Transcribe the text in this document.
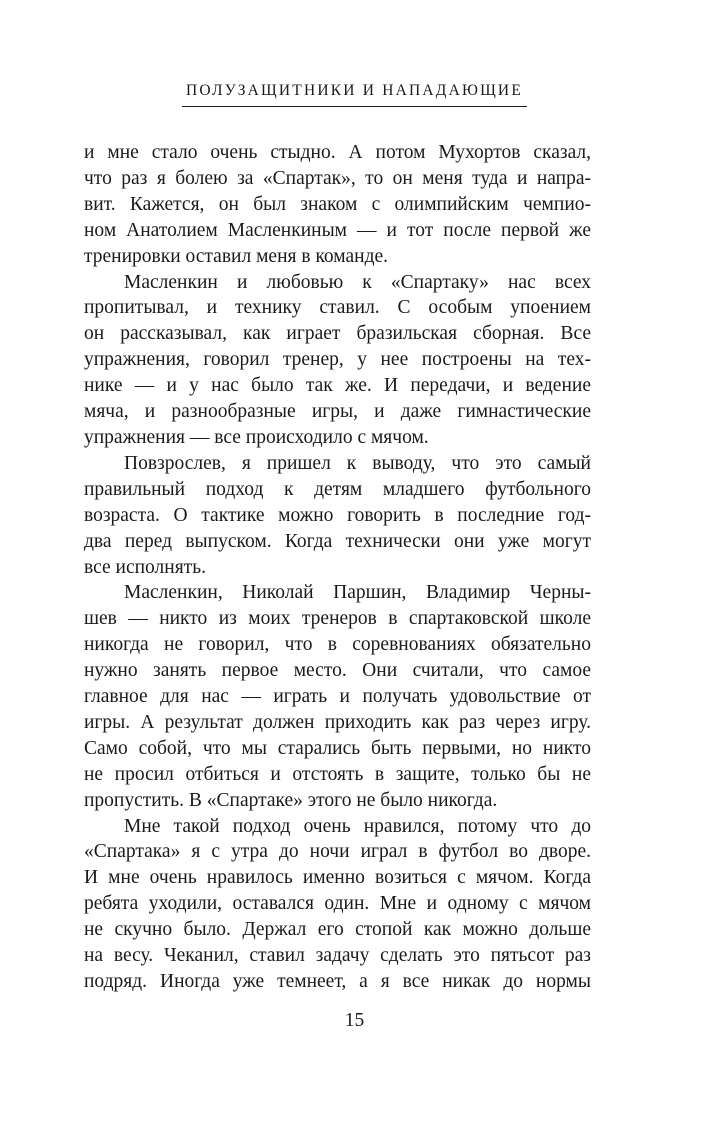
ПОЛУЗАЩИТНИКИ И НАПАДАЮЩИЕ

и мне стало очень стыдно. А потом Мухортов сказал,

что раз я болею за «Спартак», то он меня туда и напра-

вит. Кажется, он был знаком с олимпийским чемпио-

ном Анатолием Масленкиным — и тот после первой же

тренировки оставил меня в команде.

Масленкин и любовью к «Спартаку» нас всех

пропитывал, и технику ставил. С особым упоением

он рассказывал, как играет бразильская сборная. Все

упражнения, говорил тренер, у нее построены на тех-

нике — и у нас было так же. И передачи, и ведение

мяча, и разнообразные игры, и даже гимнастические

упражнения — все происходило с мячом.

Повзрослев, я пришел к выводу, что это самый

правильный подход к детям младшего футбольного

возраста. О тактике можно говорить в последние год-

два перед выпуском. Когда технически они уже могут

все исполнять.

Масленкин, Николай Паршин, Владимир Черны-

шев — никто из моих тренеров в спартаковской школе

никогда не говорил, что в соревнованиях обязательно

нужно занять первое место. Они считали, что самое

главное для нас — играть и получать удовольствие от

игры. А результат должен приходить как раз через игру.

Само собой, что мы старались быть первыми, но никто

не просил отбиться и отстоять в защите, только бы не

пропустить. В «Спартаке» этого не было никогда.

Мне такой подход очень нравился, потому что до

«Спартака» я с утра до ночи играл в футбол во дворе.

И мне очень нравилось именно возиться с мячом. Когда

ребята уходили, оставался один. Мне и одному с мячом

не скучно было. Держал его стопой как можно дольше

на весу. Чеканил, ставил задачу сделать это пятьсот раз

подряд. Иногда уже темнеет, а я все никак до нормы

15
